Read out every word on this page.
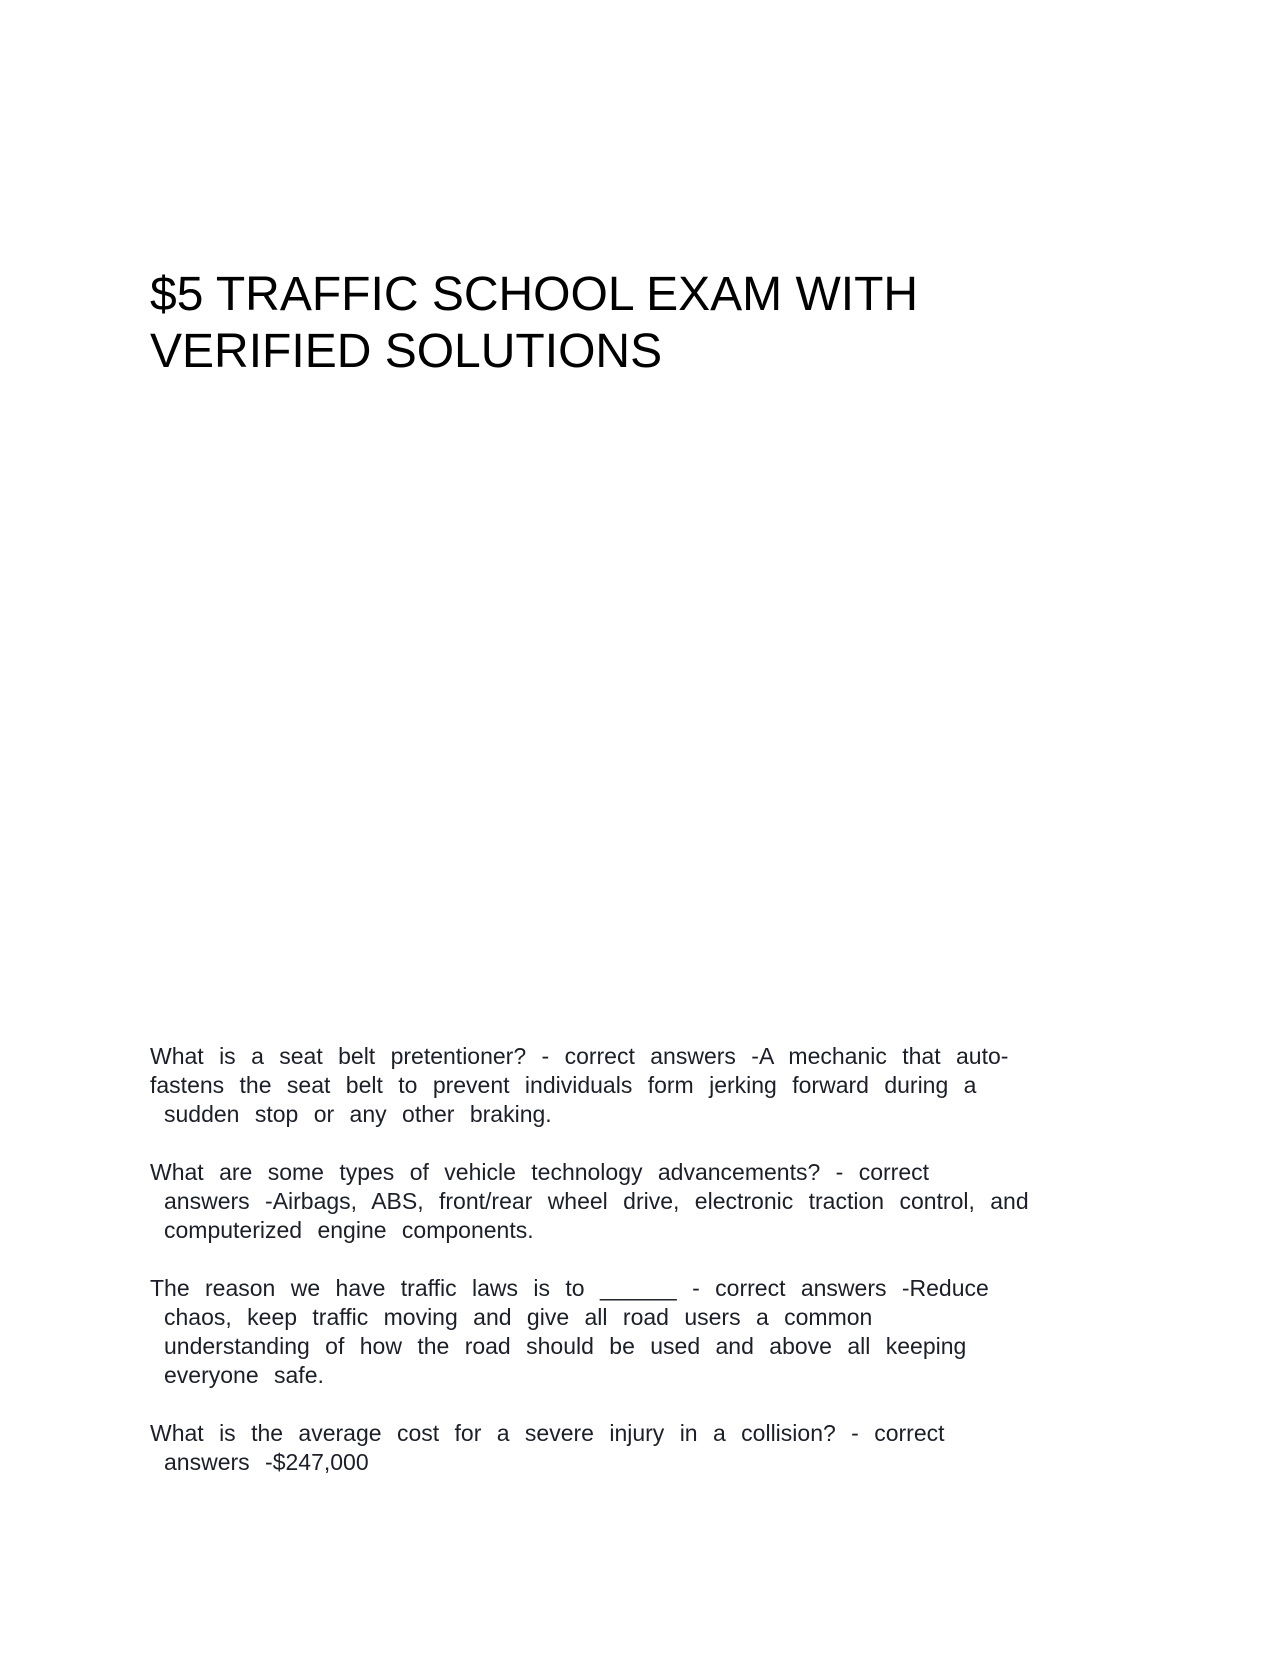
$5 TRAFFIC SCHOOL EXAM WITH
VERIFIED SOLUTIONS
What is a seat belt pretentioner? - correct answers -A mechanic that auto-
fastens the seat belt to prevent individuals form jerking forward during a
sudden stop or any other braking.
What are some types of vehicle technology advancements? - correct
answers -Airbags, ABS, front/rear wheel drive, electronic traction control, and
computerized engine components.
The reason we have traffic laws is to ______ - correct answers -Reduce
chaos, keep traffic moving and give all road users a common
understanding of how the road should be used and above all keeping
everyone safe.
What is the average cost for a severe injury in a collision? - correct
answers -$247,000
